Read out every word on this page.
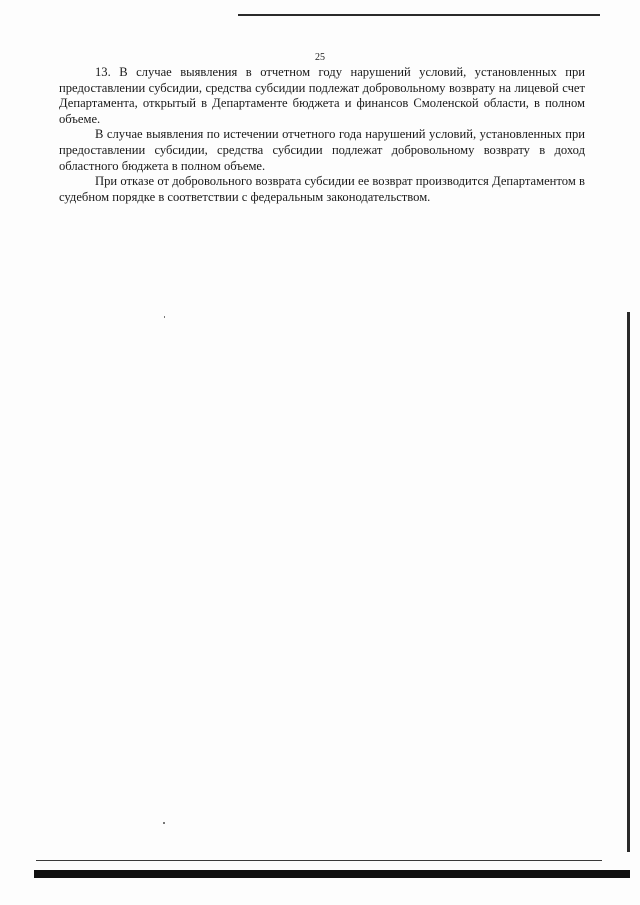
25

13. В случае выявления в отчетном году нарушений условий, установленных при предоставлении субсидии, средства субсидии подлежат добровольному возврату на лицевой счет Департамента, открытый в Департаменте бюджета и финансов Смоленской области, в полном объеме.

В случае выявления по истечении отчетного года нарушений условий, установленных при предоставлении субсидии, средства субсидии подлежат добровольному возврату в доход областного бюджета в полном объеме.

При отказе от добровольного возврата субсидии ее возврат производится Департаментом в судебном порядке в соответствии с федеральным законодательством.
